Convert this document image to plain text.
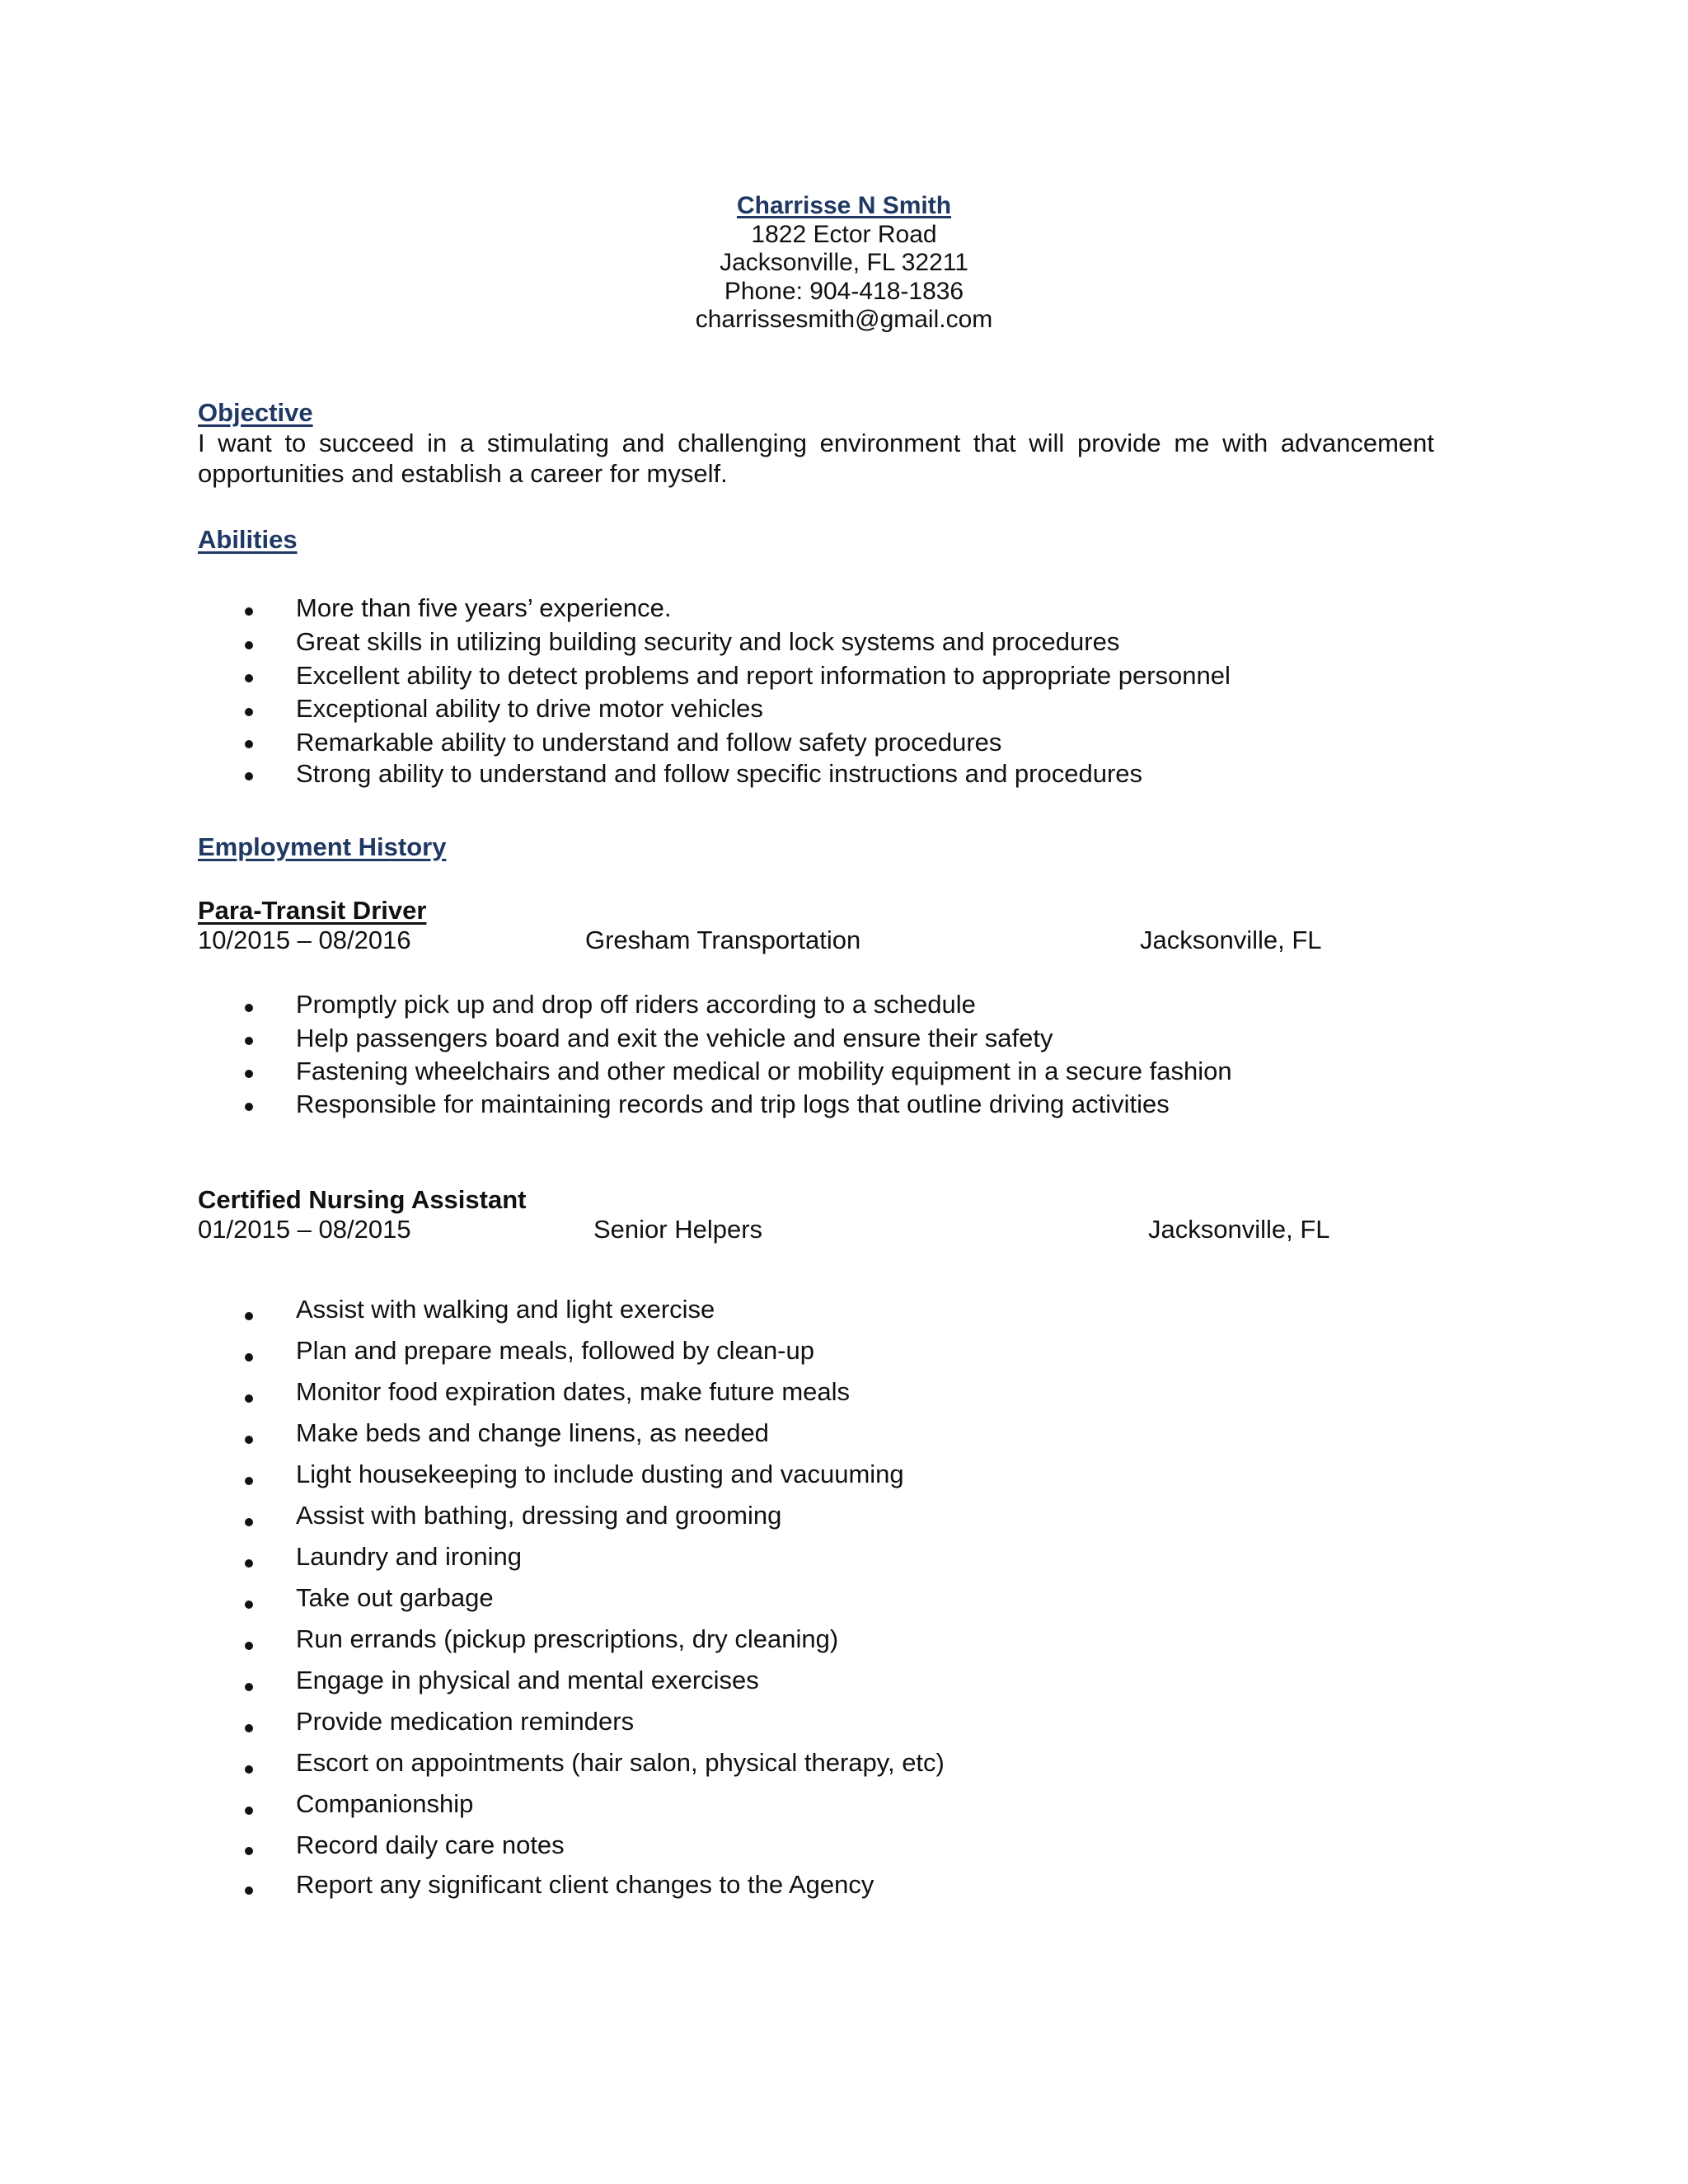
Charrisse N Smith
1822 Ector Road
Jacksonville, FL 32211
Phone: 904-418-1836
charrissesmith@gmail.com
Objective
I want to succeed in a stimulating and challenging environment that will provide me with advancement opportunities and establish a career for myself.
Abilities
More than five years’ experience.
Great skills in utilizing building security and lock systems and procedures
Excellent ability to detect problems and report information to appropriate personnel
Exceptional ability to drive motor vehicles
Remarkable ability to understand and follow safety procedures
Strong ability to understand and follow specific instructions and procedures
Employment History
Para-Transit Driver
10/2015 – 08/2016	Gresham Transportation	Jacksonville, FL
Promptly pick up and drop off riders according to a schedule
Help passengers board and exit the vehicle and ensure their safety
Fastening wheelchairs and other medical or mobility equipment in a secure fashion
Responsible for maintaining records and trip logs that outline driving activities
Certified Nursing Assistant
01/2015 – 08/2015	Senior Helpers	Jacksonville, FL
Assist with walking and light exercise
Plan and prepare meals, followed by clean-up
Monitor food expiration dates, make future meals
Make beds and change linens, as needed
Light housekeeping to include dusting and vacuuming
Assist with bathing, dressing and grooming
Laundry and ironing
Take out garbage
Run errands (pickup prescriptions, dry cleaning)
Engage in physical and mental exercises
Provide medication reminders
Escort on appointments (hair salon, physical therapy, etc)
Companionship
Record daily care notes
Report any significant client changes to the Agency
